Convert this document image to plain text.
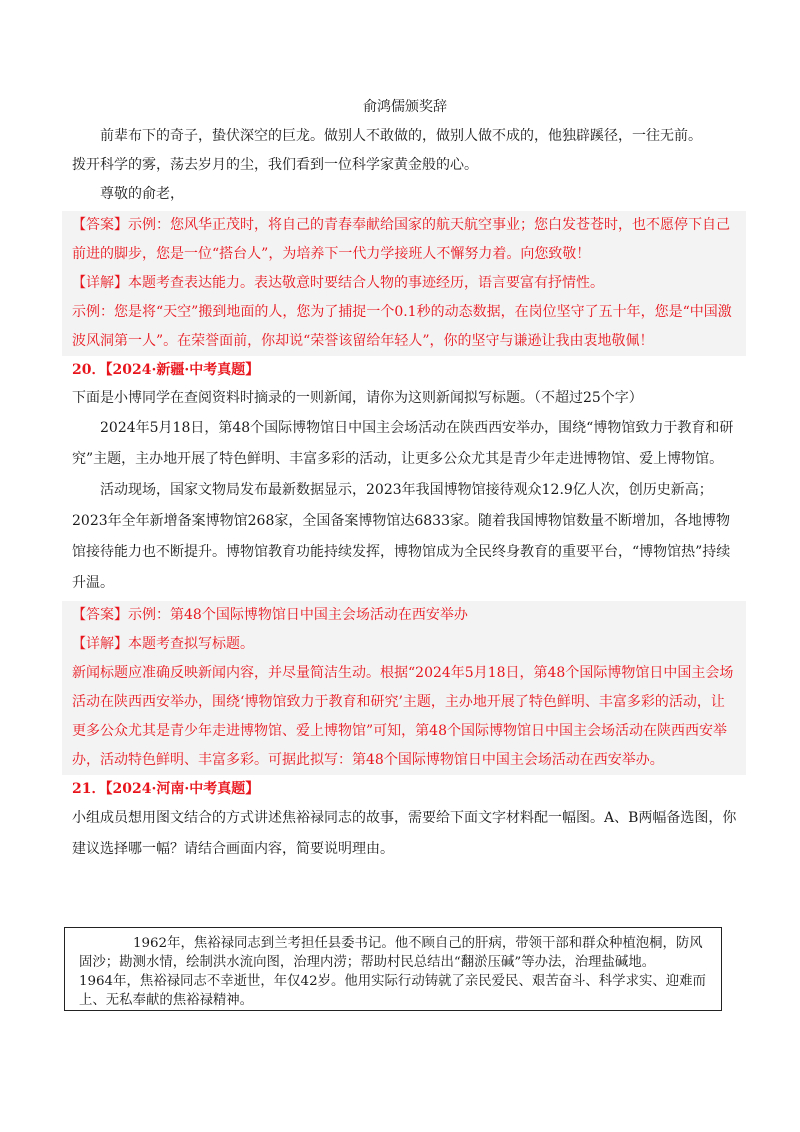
俞鸿儒颁奖辞

前辈布下的奇子，蛰伏深空的巨龙。做别人不敢做的，做别人做不成的，他独辟蹊径，一往无前。

拨开科学的雾，荡去岁月的尘，我们看到一位科学家黄金般的心。

尊敬的俞老，

【答案】示例：您风华正茂时，将自己的青春奉献给国家的航天航空事业；您白发苍苍时，也不愿停下自己前进的脚步，您是一位“搭台人”，为培养下一代力学接班人不懈努力着。向您致敬！

【详解】本题考查表达能力。表达敬意时要结合人物的事迹经历，语言要富有抒情性。

示例：您是将“天空”搬到地面的人，您为了捕捉一个0.1秒的动态数据，在岗位坚守了五十年，您是“中国激波风洞第一人”。在荣誉面前，你却说“荣誉该留给年轻人”，你的坚守与谦逊让我由衷地敬佩！

20．【2024·新疆·中考真题】

下面是小博同学在查阅资料时摘录的一则新闻，请你为这则新闻拟写标题。（不超过25个字）

2024年5月18日，第48个国际博物馆日中国主会场活动在陕西西安举办，围绕“博物馆致力于教育和研究”主题，主办地开展了特色鲜明、丰富多彩的活动，让更多公众尤其是青少年走进博物馆、爱上博物馆。

活动现场，国家文物局发布最新数据显示，2023年我国博物馆接待观众12.9亿人次，创历史新高；2023年全年新增备案博物馆268家，全国备案博物馆达6833家。随着我国博物馆数量不断增加，各地博物馆接待能力也不断提升。博物馆教育功能持续发挥，博物馆成为全民终身教育的重要平台，“博物馆热”持续升温。

【答案】示例：第48个国际博物馆日中国主会场活动在西安举办

【详解】本题考查拟写标题。

新闻标题应准确反映新闻内容，并尽量简洁生动。根据“2024年5月18日，第48个国际博物馆日中国主会场活动在陕西西安举办，围绕‘博物馆致力于教育和研究’主题，主办地开展了特色鲜明、丰富多彩的活动，让更多公众尤其是青少年走进博物馆、爱上博物馆”可知，第48个国际博物馆日中国主会场活动在陕西西安举办，活动特色鲜明、丰富多彩。可据此拟写：第48个国际博物馆日中国主会场活动在西安举办。

21．【2024·河南·中考真题】

小组成员想用图文结合的方式讲述焦裕禄同志的故事，需要给下面文字材料配一幅图。A、B两幅备选图，你建议选择哪一幅？请结合画面内容，简要说明理由。

1962年，焦裕禄同志到兰考担任县委书记。他不顾自己的肝病，带领干部和群众种植泡桐，防风固沙；勘测水情，绘制洪水流向图，治理内涝；帮助村民总结出“翻淤压碱”等办法，治理盐碱地。

1964年，焦裕禄同志不幸逝世，年仅42岁。他用实际行动铸就了亲民爱民、艰苦奋斗、科学求实、迎难而上、无私奉献的焦裕禄精神。
